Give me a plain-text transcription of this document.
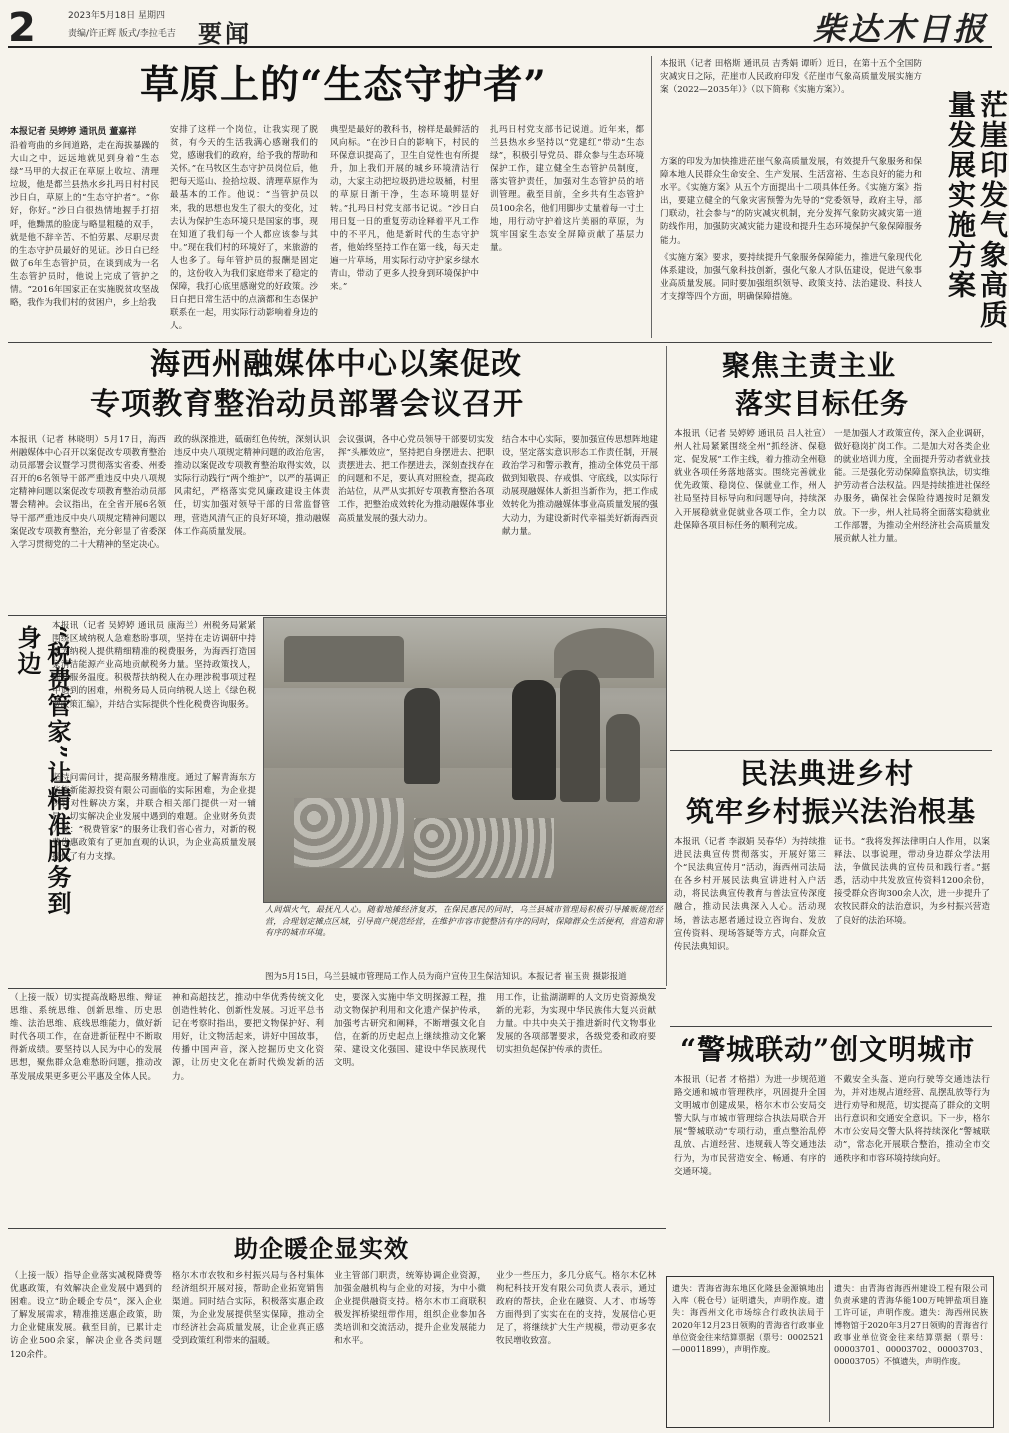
2	2023年5月18日 星期四
责编/许正辉 版式/李拉毛吉 要闻	柴达木日报
草原上的“生态守护者”
本报记者 吴婷婷 通讯员 董嘉祥
沿着弯曲的乡间道路，走在海拔暴躁的大山之中，远远地就见到身着“生态绿”马甲的大叔正在草原上收垃、清理垃圾，他是都兰县热水乡扎玛日村村民沙日白，草原上的“生态守护者”。“你好，你好。”沙日白很热情地握手打招呼，他黝黑的脸庞与略显粗糙的双手，就是他不辞辛苦、不怕劳累、尽职尽责的生态守护员最好的见证。沙日白已经做了6年生态管护员，在谈到成为一名生态管护员时，他说上完成了管护之情。“2016年国家正在实施脱贫攻坚战略，我作为我们村的贫困户，乡上给我
安排了这样一个岗位，让我实现了脱贫，有今天的生活我满心感谢我们的党，感谢我们的政府，给予我的帮助和关怀。”在马牧区生态守护员岗位后，他把每天巡山、捡拾垃圾、清理草原作为最基本的工作。他说：“当管护员以来，我的思想也发生了很大的变化，过去认为保护生态环境只是国家的事，现在知道了我们每一个人都应该参与其中。”现在我们村的环境好了，来旅游的人也多了。每年管护员的报酬是固定的，这份收入为我们家庭带来了稳定的保障，我打心底里感谢党的好政策。沙日白把日常生活中的点滴都和生态保护联系在一起，用实际行动影响着身边的人。
典型是最好的教科书，榜样是最鲜活的风向标。“在沙日白的影响下，村民的环保意识提高了，卫生自觉性也有所提升，加上我们开展的城乡环境清洁行动，大家主动把垃圾扔进垃圾桶，村里的草原日渐干净，生态环境明显好转。”扎玛日村党支部书记说。“沙日白用日复一日的重复劳动诠释着平凡工作中的不平凡，他是新时代的生态守护者，他始终坚持工作在第一线，每天走遍一片草场，用实际行动守护家乡绿水青山，带动了更多人投身到环境保护中来。”
扎玛日村党支部书记说道。近年来，都兰县热水乡坚持以“党建红”带动“生态绿”，积极引导党员、群众参与生态环境保护工作，建立健全生态管护员制度，落实管护责任，加强对生态管护员的培训管理。截至目前，全乡共有生态管护员100余名，他们用脚步丈量着每一寸土地，用行动守护着这片美丽的草原，为筑牢国家生态安全屏障贡献了基层力量。	茫崖印发气象高质量发展实施方案
本报讯（记者 田格斯 通讯员 吉秀娟 谭昕）近日，在第十五个全国防灾减灾日之际，茫崖市人民政府印发《茫崖市气象高质量发展实施方案（2022—2035年）》（以下简称《实施方案》）。
方案的印发为加快推进茫崖气象高质量发展，有效提升气象服务和保障本地人民群众生命安全、生产发展、生活富裕、生态良好的能力和水平。《实施方案》从五个方面提出十二项具体任务。《实施方案》指出，要建立健全的气象灾害预警为先导的“党委领导，政府主导，部门联动，社会参与”的防灾减灾机制，充分发挥气象防灾减灾第一道防线作用，加强防灾减灾能力建设和提升生态环境保护气象保障服务能力。
《实施方案》要求，要持续提升气象服务保障能力，推进气象现代化体系建设，加强气象科技创新，强化气象人才队伍建设，促进气象事业高质量发展。同时要加强组织领导、政策支持、法治建设、科技人才支撑等四个方面，明确保障措施。
海西州融媒体中心以案促改
专项教育整治动员部署会议召开
本报讯（记者 林晓明）5月17日，海西州融媒体中心召开以案促改专项教育整治动员部署会议暨学习贯彻落实省委、州委召开的6名领导干部严重违反中央八项规定精神问题以案促改专项教育整治动员部署会精神。会议指出，在全省开展6名领导干部严重违反中央八项规定精神问题以案促改专项教育整治，充分彰显了省委深入学习贯彻党的二十大精神的坚定决心。
政的纵深推进，砥砺红色传统，深刻认识违反中央八项规定精神问题的政治危害，推动以案促改专项教育整治取得实效，以实际行动践行“两个维护”，以严的基调正风肃纪，严格落实党风廉政建设主体责任，切实加强对领导干部的日常监督管理，营造风清气正的良好环境，推动融媒体工作高质量发展。
会议强调，各中心党员领导干部要切实发挥“头雁效应”，坚持把自身摆进去、把职责摆进去、把工作摆进去，深刻查找存在的问题和不足，要认真对照检查，提高政治站位，从严从实抓好专项教育整治各项工作，把整治成效转化为推动融媒体事业高质量发展的强大动力。
结合本中心实际，要加强宣传思想阵地建设，坚定落实意识形态工作责任制，开展政治学习和警示教育，推动全体党员干部做到知敬畏、存戒惧、守底线，以实际行动展现融媒体人新担当新作为，把工作成效转化为推动融媒体事业高质量发展的强大动力，为建设新时代幸福美好新海西贡献力量。
聚焦主责主业
落实目标任务
本报讯（记者 吴婷婷 通讯员 吕人社宣）州人社局紧紧围绕全州“抓经济、保稳定、促发展”工作主线，着力推动全州稳就业各项任务落地落实。围绕完善就业优先政策、稳岗位、保就业工作，州人社局坚持目标导向和问题导向，持续深入开展稳就业促就业各项工作，全力以赴保障各项目标任务的顺利完成。
一是加强人才政策宣传，深入企业调研，做好稳岗扩岗工作。二是加大对各类企业的就业培训力度，全面提升劳动者就业技能。三是强化劳动保障监察执法，切实维护劳动者合法权益。四是持续推进社保经办服务，确保社会保险待遇按时足额发放。下一步，州人社局将全面落实稳就业工作部署，为推动全州经济社会高质量发展贡献人社力量。
“税费管家”让精准服务到身边	本报讯（记者 吴婷婷 通讯员 康海兰）州税务局紧紧围绕区域纳税人急难愁盼事项，坚持在走访调研中持续为纳税人提供精细精准的税费服务，为海西打造国家清洁能源产业高地贡献税务力量。坚持政策找人，提升服务温度。积极帮扶纳税人在办理涉税事项过程中遇到的困难，州税务局人员向纳税人送上《绿色税费政策汇编》，并结合实际提供个性化税费咨询服务。
坚持问需问计，提高服务精准度。通过了解青海东方华能新能源投资有限公司面临的实际困难，为企业提供针对性解决方案，并联合相关部门提供一对一辅导，切实解决企业发展中遇到的难题。企业财务负责人说：“税费管家”的服务让我们省心省力，对新的税费优惠政策有了更加直观的认识，为企业高质量发展提供了有力支撑。
人间烟火气，最抚凡人心。随着地摊经济复苏，在保民惠民的同时，乌兰县城市管理局积极引导摊贩规范经营，合理划定摊点区域，引导商户规范经营，在维护市容市貌整洁有序的同时，保障群众生活便利，营造和谐有序的城市环境。
图为5月15日，乌兰县城市管理局工作人员为商户宣传卫生保洁知识。本报记者 崔玉贵 摄影报道
（上接一版）切实提高战略思维、辩证思维、系统思维、创新思维、历史思维、法治思维、底线思维能力，做好新时代各项工作，在奋进新征程中不断取得新成绩。要坚持以人民为中心的发展思想，聚焦群众急难愁盼问题，推动改革发展成果更多更公平惠及全体人民。
神和高超技艺，推动中华优秀传统文化创造性转化、创新性发展。习近平总书记在考察时指出，要把文物保护好、利用好，让文物活起来，讲好中国故事，传播中国声音，深入挖掘历史文化资源，让历史文化在新时代焕发新的活力。
史，要深入实施中华文明探源工程，推动文物保护利用和文化遗产保护传承，加强考古研究和阐释，不断增强文化自信，在新的历史起点上继续推动文化繁荣、建设文化强国、建设中华民族现代文明。
用工作，让盐湖湖畔的人文历史资源焕发新的光彩，为实现中华民族伟大复兴贡献力量。中共中央关于推进新时代文物事业发展的各项部署要求，各级党委和政府要切实担负起保护传承的责任。
民法典进乡村
筑牢乡村振兴法治根基
本报讯（记者 李淑娟 吴春华）为持续推进民法典宣传贯彻落实，开展好第三个“民法典宣传月”活动，海西州司法局在各乡村开展民法典宣讲进村入户活动，将民法典宣传教育与普法宣传深度融合，推动民法典深入人心。活动现场，普法志愿者通过设立咨询台、发放宣传资料、现场答疑等方式，向群众宣传民法典知识。
证书。“我将发挥法律明白人作用，以案释法、以事说理，带动身边群众学法用法，争做民法典的宣传员和践行者。”据悉，活动中共发放宣传资料1200余份，接受群众咨询300余人次，进一步提升了农牧民群众的法治意识，为乡村振兴营造了良好的法治环境。
“警城联动”创文明城市
本报讯（记者 才格措）为进一步规范道路交通和城市管理秩序，巩固提升全国文明城市创建成果，格尔木市公安局交警大队与市城市管理综合执法局联合开展“警城联动”专项行动，重点整治乱停乱放、占道经营、违规载人等交通违法行为，为市民营造安全、畅通、有序的交通环境。
不戴安全头盔、逆向行驶等交通违法行为，并对违规占道经营、乱摆乱放等行为进行劝导和规范，切实提高了群众的文明出行意识和交通安全意识。下一步，格尔木市公安局交警大队将持续深化“警城联动”，常态化开展联合整治，推动全市交通秩序和市容环境持续向好。
助企暖企显实效
（上接一版）指导企业落实减税降费等优惠政策，有效解决企业发展中遇到的困难。设立“助企暖企专员”，深入企业了解发展需求，精准推送惠企政策，助力企业健康发展。截至目前，已累计走访企业500余家，解决企业各类问题120余件。
格尔木市农牧和乡村振兴局与各村集体经济组织开展对接，帮助企业拓宽销售渠道。同时结合实际，积极落实惠企政策，为企业发展提供坚实保障，推动全市经济社会高质量发展，让企业真正感受到政策红利带来的温暖。
业主管部门职责，统筹协调企业资源，加强金融机构与企业的对接，为中小微企业提供融资支持。格尔木市工商联积极发挥桥梁纽带作用，组织企业参加各类培训和交流活动，提升企业发展能力和水平。
业少一些压力，多几分底气。格尔木亿林枸杞科技开发有限公司负责人表示，通过政府的帮扶，企业在融资、人才、市场等方面得到了实实在在的支持，发展信心更足了，将继续扩大生产规模，带动更多农牧民增收致富。
遗失：青海省海东地区化隆县金源镇地出入库（税仓号）证明遗失，声明作废。遗失：海西州文化市场综合行政执法局于2020年12月23日领购的青海省行政事业单位资金往来结算票据（票号：0002521—00011899），声明作废。
遗失：由青海省海西州建设工程有限公司负责承建的青海华能100万吨钾盐项目施工许可证，声明作废。遗失：海西州民族博物馆于2020年3月27日领购的青海省行政事业单位资金往来结算票据（票号：00003701、00003702、00003703、00003705）不慎遗失，声明作废。
